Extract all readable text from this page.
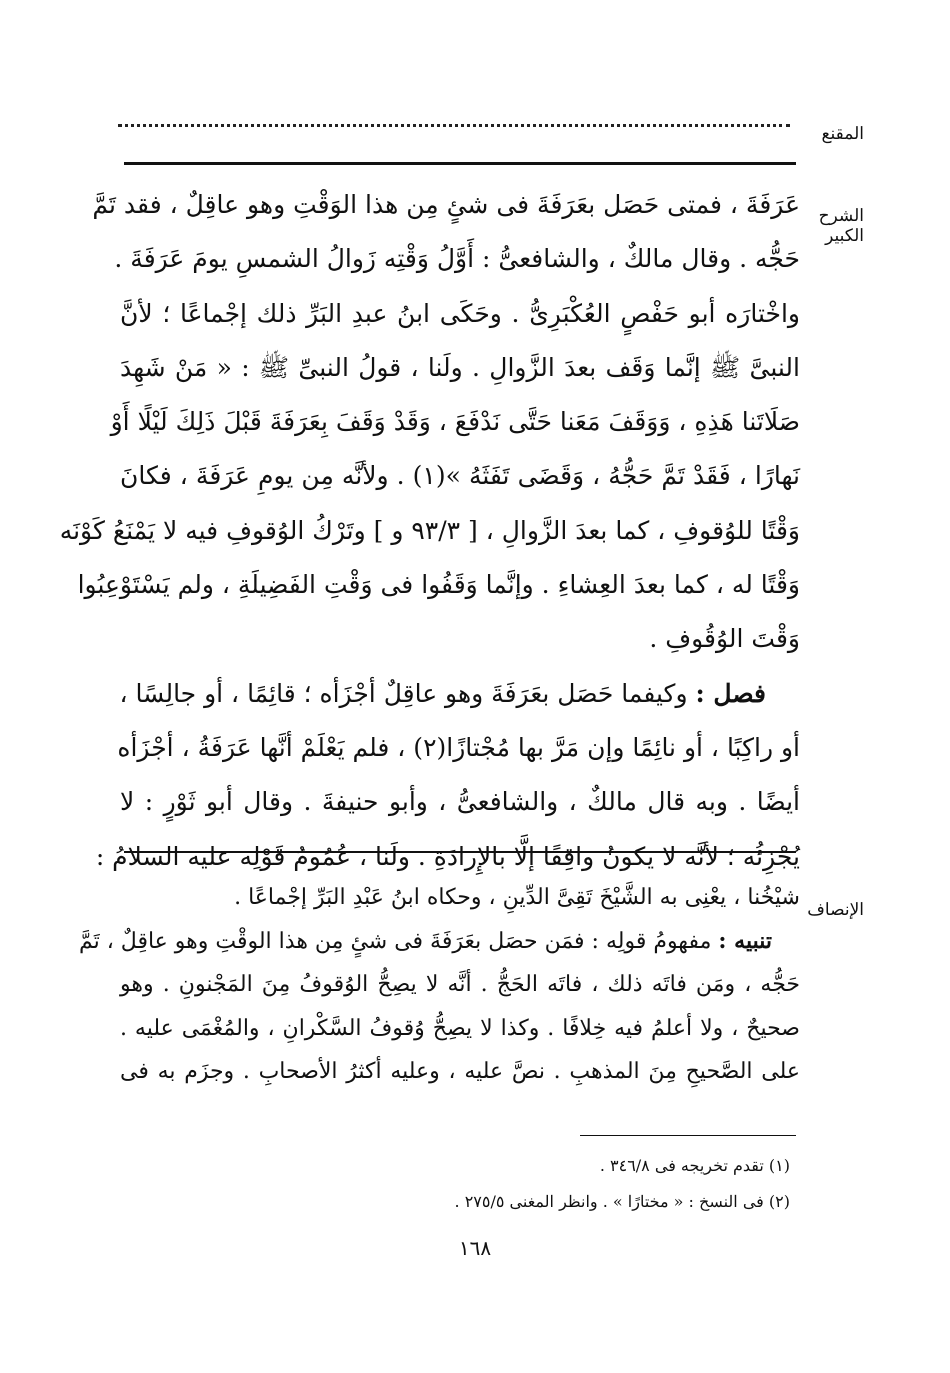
المقنع
الشرح الكبير
عَرَفَةَ ، فمتى حَصَل بعَرَفَةَ فى شئٍ مِن هذا الوَقْتِ وهو عاقِلٌ ، فقد تَمَّ
حَجُّه . وقال مالكٌ ، والشافعىُّ : أَوَّلُ وَقْتِه زَوالُ الشمسِ يومَ عَرَفَةَ .
واخْتارَه أبو حَفْصٍ العُكْبَرِىُّ . وحَكَى ابنُ عبدِ البَرِّ ذلك إجْماعًا ؛ لأنَّ
النبىَّ ﷺ إنَّما وَقَف بعدَ الزَّوالِ . ولَنا ، قولُ النبىِّ ﷺ : « مَنْ شَهِدَ
صَلَاتَنا هَذِهِ ، وَوَقَفَ مَعَنا حَتَّى نَدْفَعَ ، وَقَدْ وَقَفَ بِعَرَفَةَ قَبْلَ ذَلِكَ لَيْلًا أَوْ
نَهارًا ، فَقَدْ تَمَّ حَجُّهُ ، وَقَضَى تَفَثَهُ »(١) . ولأنَّه مِن يومِ عَرَفَةَ ، فكانَ
وَقْتًا للوُقوفِ ، كما بعدَ الزَّوالِ ، [ ٩٣/٣ و ] وتَرْكُ الوُقوفِ فيه لا يَمْنَعُ كَوْنَه
وَقْتًا له ، كما بعدَ العِشاءِ . وإنَّما وَقَفُوا فى وَقْتِ الفَضِيلَةِ ، ولم يَسْتَوْعِبُوا
وَقْتَ الوُقُوفِ .
فصل : وكيفما حَصَل بعَرَفَةَ وهو عاقِلٌ أجْزَأه ؛ قائِمًا ، أو جالِسًا ،
أو راكِبًا ، أو نائِمًا وإن مَرَّ بها مُجْتازًا(٢) ، فلم يَعْلَمْ أنَّها عَرَفَةُ ، أجْزَأه
أيضًا . وبه قال مالكٌ ، والشافعىُّ ، وأبو حنيفةَ . وقال أبو ثَوْرٍ : لا
يُجْزِئُه ؛ لأنَّه لا يكونُ واقِفًا إلَّا بالإِرادَةِ . ولَنا ، عُمُومُ قَوْلِه عليه السلامُ :
الإنصاف
شيْخُنا ، يعْنِى به الشَّيْخَ تَقِىَّ الدِّينِ ، وحكاه ابنُ عَبْدِ البَرِّ إجْماعًا .
تنبيه : مفهومُ قولِه : فمَن حصَل بعَرَفَةَ فى شئٍ مِن هذا الوقْتِ وهو عاقِلٌ ، تَمَّ
حَجُّه ، ومَن فاتَه ذلك ، فاتَه الحَجُّ . أنَّه لا يصِحُّ الوُقوفُ مِنَ المَجْنونِ . وهو
صحيحٌ ، ولا أعلمُ فيه خِلافًا . وكذا لا يصِحُّ وُقوفُ السَّكْرانِ ، والمُغْمَى عليه .
على الصَّحيحِ مِنَ المذهبِ . نصَّ عليه ، وعليه أكثرُ الأصحابِ . وجزَم به فى
(١) تقدم تخريجه فى ٣٤٦/٨ .
(٢) فى النسخ : « مختارًا » . وانظر المغنى ٢٧٥/٥ .
١٦٨
